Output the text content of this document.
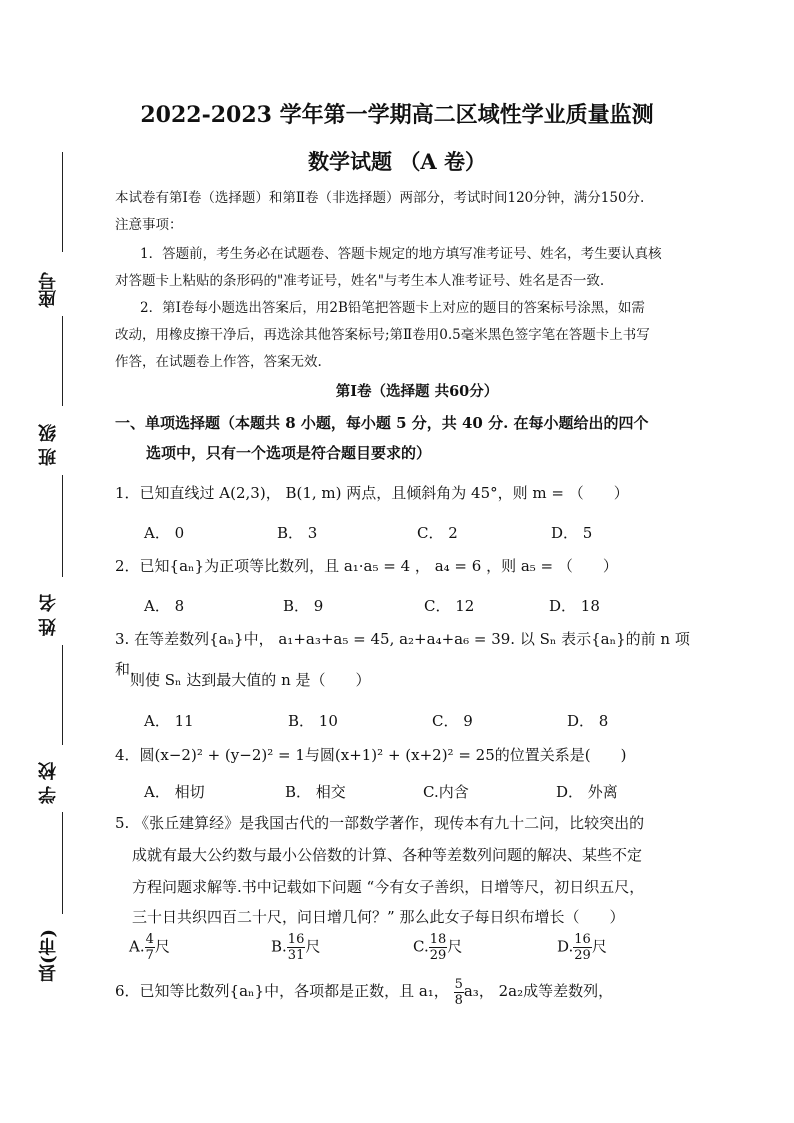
座号
班 级
姓 名
学 校
县(市)
2022-2023 学年第一学期高二区域性学业质量监测
数学试题 （A 卷）
本试卷有第Ⅰ卷（选择题）和第Ⅱ卷（非选择题）两部分，考试时间120分钟，满分150分.
注意事项：
1．答题前，考生务必在试题卷、答题卡规定的地方填写准考证号、姓名，考生要认真核
对答题卡上粘贴的条形码的"准考证号，姓名"与考生本人准考证号、姓名是否一致.
2．第Ⅰ卷每小题选出答案后，用2B铅笔把答题卡上对应的题目的答案标号涂黑，如需
改动，用橡皮擦干净后，再选涂其他答案标号;第Ⅱ卷用0.5毫米黑色签字笔在答题卡上书写
作答，在试题卷上作答，答案无效.
第Ⅰ卷（选择题 共60分）
一、单项选择题（本题共 8 小题，每小题 5 分，共 40 分. 在每小题给出的四个
选项中，只有一个选项是符合题目要求的）
1．已知直线过 A(2,3)， B(1, m) 两点，且倾斜角为 45°，则 m = （　　）
A． 0	B． 3	C． 2	D． 5
2．已知{aₙ}为正项等比数列，且 a₁·a₅ = 4 ， a₄ = 6 ，则 a₅ = （　　）
A． 8	B． 9	C． 12	D． 18
3. 在等差数列{aₙ}中， a₁+a₃+a₅ = 45, a₂+a₄+a₆ = 39. 以 Sₙ 表示{aₙ}的前 n 项和，
则使 Sₙ 达到最大值的 n 是（　　）
A． 11	B． 10	C． 9	D． 8
4．圆(x−2)² + (y−2)² = 1与圆(x+1)² + (x+2)² = 25的位置关系是(　　)
A． 相切	B． 相交	C.内含	D． 外离
5. 《张丘建算经》是我国古代的一部数学著作，现传本有九十二问，比较突出的
成就有最大公约数与最小公倍数的计算、各种等差数列问题的解决、某些不定
方程问题求解等.书中记载如下问题 “今有女子善织，日增等尺，初日织五尺，
三十日共织四百二十尺，问日增几何？” 那么此女子每日织布增长（　　）
A. $\frac{4}{7}$ 尺	B. $\frac{16}{31}$ 尺	C. $\frac{18}{29}$ 尺	D. $\frac{16}{29}$ 尺
6．已知等比数列{aₙ}中，各项都是正数，且 a₁， $\frac{5}{8} a_3$， 2a₂成等差数列，
